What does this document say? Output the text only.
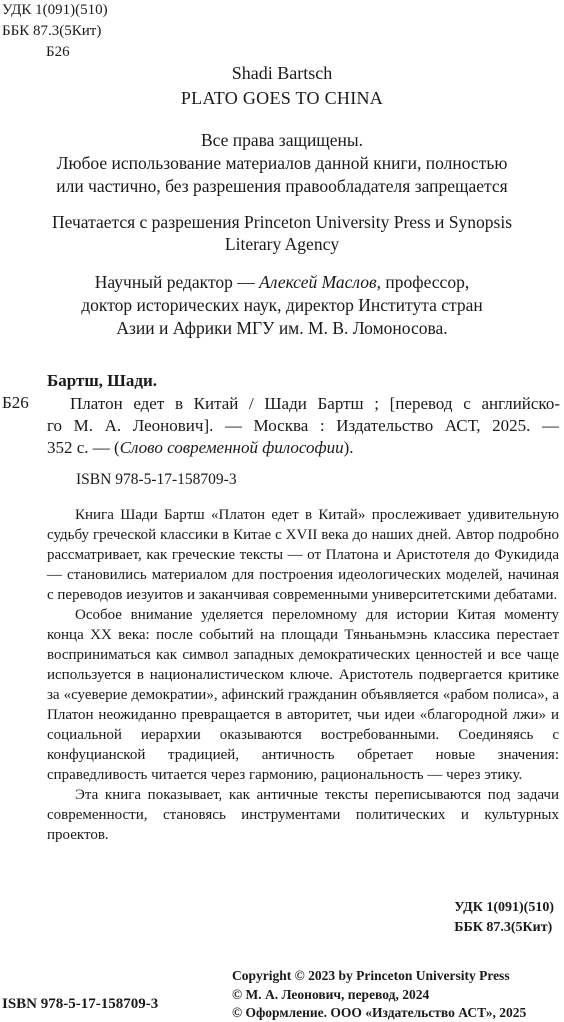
УДК 1(091)(510)
ББК 87.3(5Кит)
Б26
Shadi Bartsch
PLATO GOES TO CHINA
Все права защищены.
Любое использование материалов данной книги, полностью
или частично, без разрешения правообладателя запрещается
Печатается с разрешения Princeton University Press и Synopsis
Literary Agency
Научный редактор — Алексей Маслов, профессор,
доктор исторических наук, директор Института стран
Азии и Африки МГУ им. М. В. Ломоносова.
Б26
Бартш, Шади.
Платон едет в Китай / Шади Бартш ; [перевод с английско-
го М. А. Леонович]. — Москва : Издательство АСТ, 2025. —
352 с. — (Слово современной философии).
ISBN 978-5-17-158709-3

Книга Шади Бартш «Платон едет в Китай» прослеживает удивительную судьбу греческой классики в Китае с XVII века до наших дней. Автор подробно рассматривает, как греческие тексты — от Платона и Аристотеля до Фукидида — становились материалом для построения идеологических моделей, начиная с переводов иезуитов и заканчивая современными университетскими дебатами.

Особое внимание уделяется переломному для истории Китая моменту конца XX века: после событий на площади Тяньаньмэнь классика перестает восприниматься как символ западных демократических ценностей и все чаще используется в националистическом ключе. Аристотель подвергается критике за «суеверие демократии», афинский гражданин объявляется «рабом полиса», а Платон неожиданно превращается в авторитет, чьи идеи «благородной лжи» и социальной иерархии оказываются востребованными. Соединяясь с конфуцианской традицией, античность обретает новые значения: справедливость читается через гармонию, рациональность — через этику.

Эта книга показывает, как античные тексты переписываются под задачи современности, становясь инструментами политических и культурных проектов.

УДК 1(091)(510)
ББК 87.3(5Кит)
Copyright © 2023 by Princeton University Press
© М. А. Леонович, перевод, 2024
© Оформление. ООО «Издательство АСТ», 2025
ISBN 978-5-17-158709-3
